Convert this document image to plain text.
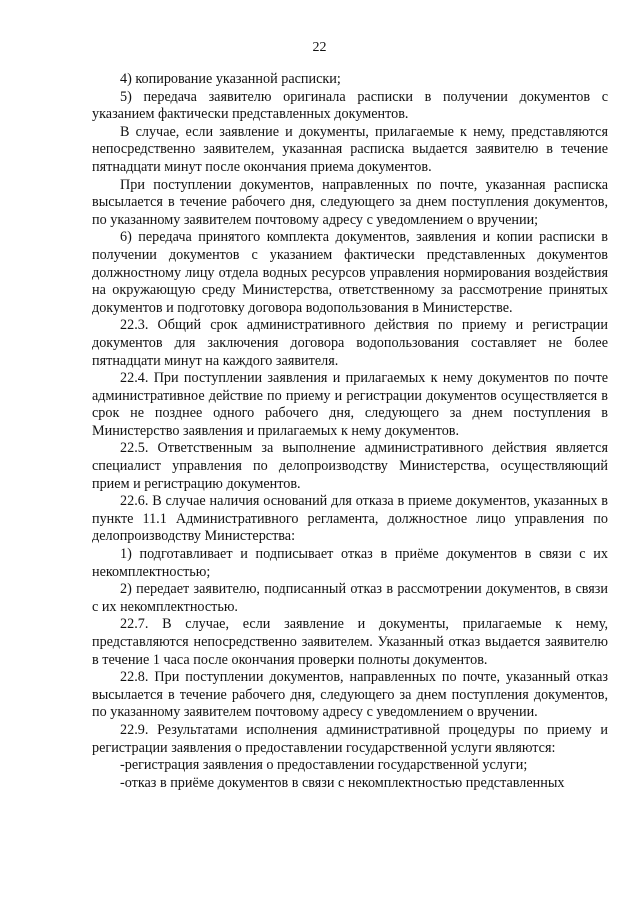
22

4) копирование указанной расписки;

5) передача заявителю оригинала расписки в получении документов с указанием фактически представленных документов.

В случае, если заявление и документы, прилагаемые к нему, представляются непосредственно заявителем, указанная расписка выдается заявителю в течение пятнадцати минут после окончания приема документов.

При поступлении документов, направленных по почте, указанная расписка высылается в течение рабочего дня, следующего за днем поступления документов, по указанному заявителем почтовому адресу с уведомлением о вручении;

6) передача принятого комплекта документов, заявления и копии расписки в получении документов с указанием фактически представленных документов должностному лицу отдела водных ресурсов управления нормирования воздействия на окружающую среду Министерства, ответственному за рассмотрение принятых документов и подготовку договора водопользования в Министерстве.

22.3. Общий срок административного действия по приему и регистрации документов для заключения договора водопользования составляет не более пятнадцати минут на каждого заявителя.

22.4. При поступлении заявления и прилагаемых к нему документов по почте административное действие по приему и регистрации документов осуществляется в срок не позднее одного рабочего дня, следующего за днем поступления в Министерство заявления и прилагаемых к нему документов.

22.5. Ответственным за выполнение административного действия является специалист управления по делопроизводству Министерства, осуществляющий прием и регистрацию документов.

22.6. В случае наличия оснований для отказа в приеме документов, указанных в пункте 11.1 Административного регламента, должностное лицо управления по делопроизводству Министерства:

1) подготавливает и подписывает отказ в приёме документов в связи с их некомплектностью;

2) передает заявителю, подписанный отказ в рассмотрении документов, в связи с их некомплектностью.

22.7. В случае, если заявление и документы, прилагаемые к нему, представляются непосредственно заявителем. Указанный отказ выдается заявителю в течение 1 часа после окончания проверки полноты документов.

22.8. При поступлении документов, направленных по почте, указанный отказ высылается в течение рабочего дня, следующего за днем поступления документов, по указанному заявителем почтовому адресу с уведомлением о вручении.

22.9. Результатами исполнения административной процедуры по приему и регистрации заявления о предоставлении государственной услуги являются:

-регистрация заявления о предоставлении государственной услуги;

-отказ в приёме документов в связи с некомплектностью представленных
